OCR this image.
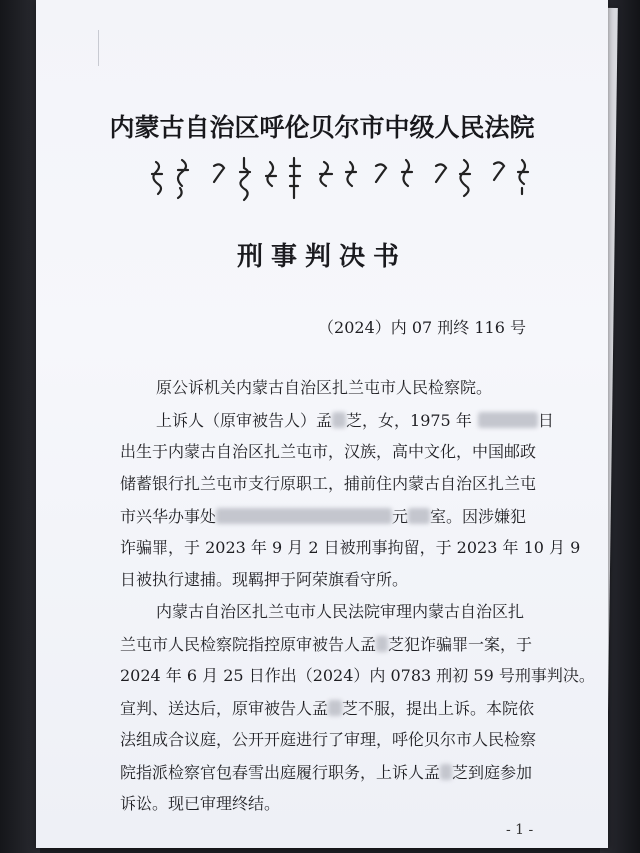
内蒙古自治区呼伦贝尔市中级人民法院
刑事判决书
（2024）内 07 刑终 116 号
原公诉机关内蒙古自治区扎兰屯市人民检察院。
上诉人（原审被告人）孟 芝，女，1975 年	日
出生于内蒙古自治区扎兰屯市，汉族，高中文化，中国邮政
储蓄银行扎兰屯市支行原职工，捕前住内蒙古自治区扎兰屯
市兴华办事处	元 室。因涉嫌犯
诈骗罪，于 2023 年 9 月 2 日被刑事拘留，于 2023 年 10 月 9
日被执行逮捕。现羁押于阿荣旗看守所。
内蒙古自治区扎兰屯市人民法院审理内蒙古自治区扎
兰屯市人民检察院指控原审被告人孟 芝犯诈骗罪一案，于
2024 年 6 月 25 日作出（2024）内 0783 刑初 59 号刑事判决。
宣判、送达后，原审被告人孟 芝不服，提出上诉。本院依
法组成合议庭，公开开庭进行了审理，呼伦贝尔市人民检察
院指派检察官包春雪出庭履行职务，上诉人孟 芝到庭参加
诉讼。现已审理终结。
- 1 -
